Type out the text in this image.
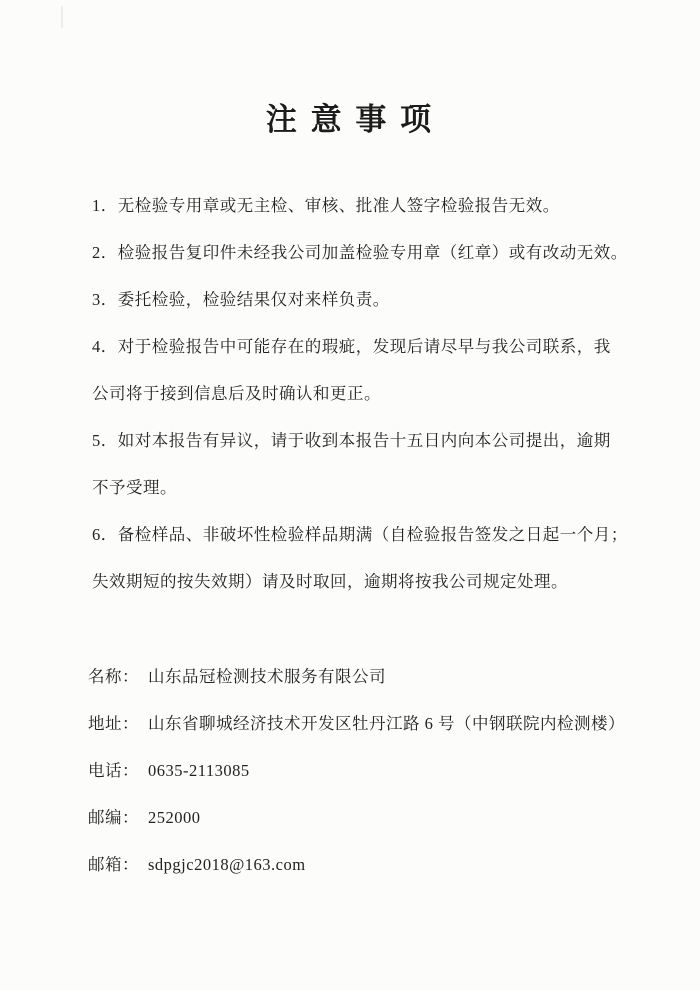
注 意 事 项

1．无检验专用章或无主检、审核、批准人签字检验报告无效。

2．检验报告复印件未经我公司加盖检验专用章（红章）或有改动无效。

3．委托检验，检验结果仅对来样负责。

4．对于检验报告中可能存在的瑕疵，发现后请尽早与我公司联系，我

公司将于接到信息后及时确认和更正。

5．如对本报告有异议，请于收到本报告十五日内向本公司提出，逾期

不予受理。

6．备检样品、非破坏性检验样品期满（自检验报告签发之日起一个月；

失效期短的按失效期）请及时取回，逾期将按我公司规定处理。

名称： 山东品冠检测技术服务有限公司

地址： 山东省聊城经济技术开发区牡丹江路 6 号（中钢联院内检测楼）

电话： 0635-2113085

邮编： 252000

邮箱： sdpgjc2018@163.com
